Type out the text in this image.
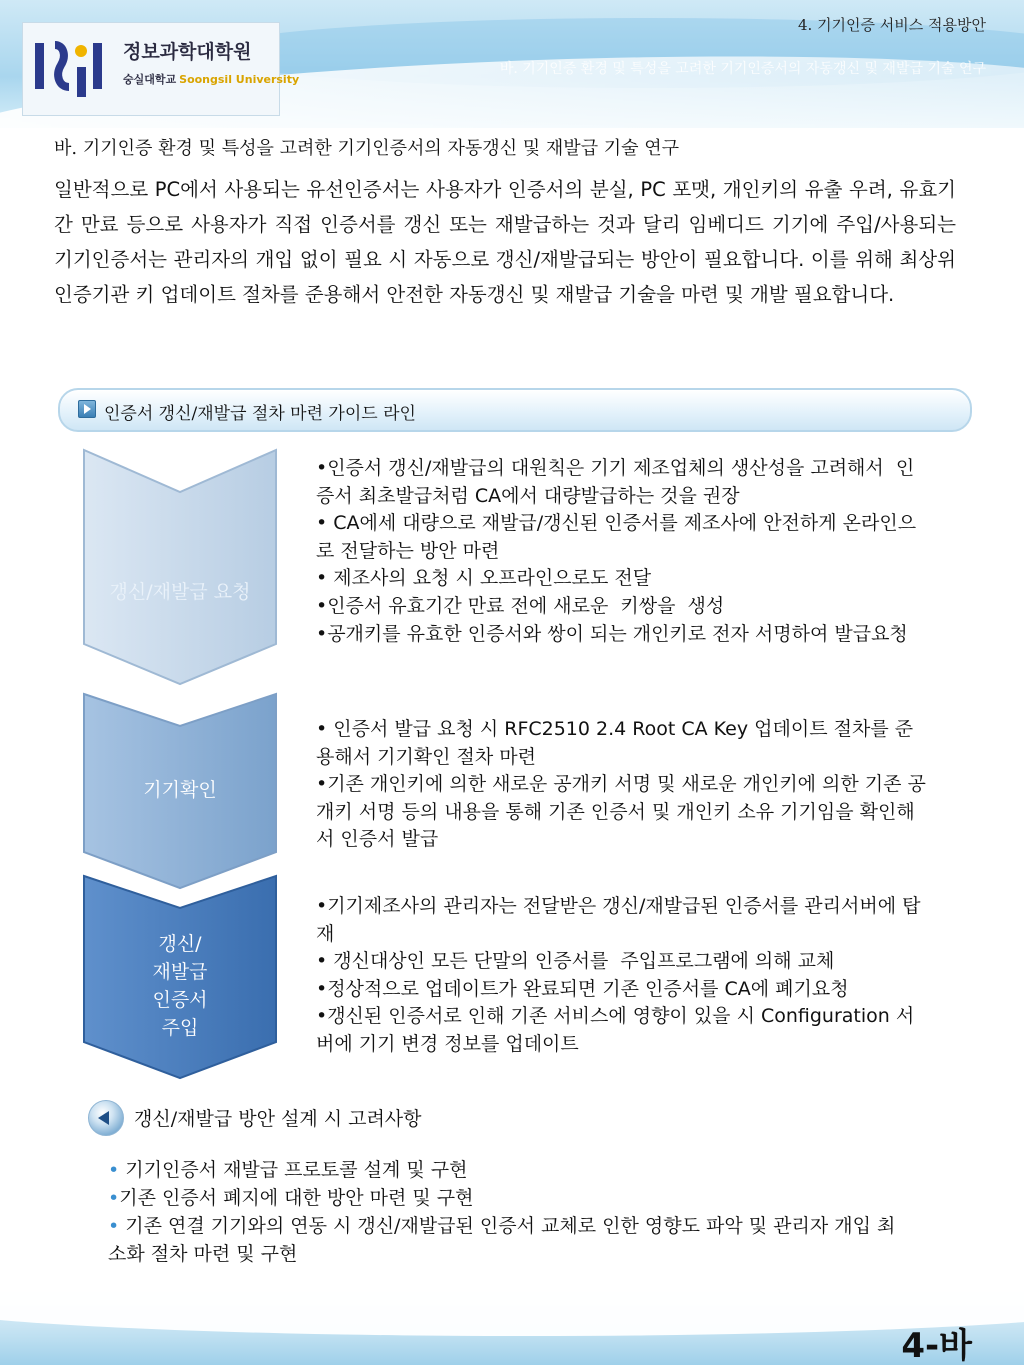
정보과학대학원
숭실대학교 Soongsil University
4. 기기인증 서비스 적용방안
바. 기기인증 환경 및 특성을 고려한 기기인증서의 자동갱신 및 재발급 기술 연구
바. 기기인증 환경 및 특성을 고려한 기기인증서의 자동갱신 및 재발급 기술 연구
일반적으로 PC에서 사용되는 유선인증서는 사용자가 인증서의 분실, PC 포맷, 개인키의 유출 우려, 유효기간 만료 등으로 사용자가 직접 인증서를 갱신 또는 재발급하는 것과 달리 임베디드 기기에 주입/사용되는 기기인증서는 관리자의 개입 없이 필요 시 자동으로 갱신/재발급되는 방안이 필요합니다. 이를 위해 최상위 인증기관 키 업데이트 절차를 준용해서 안전한 자동갱신 및 재발급 기술을 마련 및 개발 필요합니다.
인증서 갱신/재발급 절차 마련 가이드 라인
갱신/재발급 요청
기기확인
갱신/
재발급
인증서
주입
•인증서 갱신/재발급의 대원칙은 기기 제조업체의 생산성을 고려해서  인증서 최초발급처럼 CA에서 대량발급하는 것을 권장
• CA에세 대량으로 재발급/갱신된 인증서를 제조사에 안전하게 온라인으로 전달하는 방안 마련
• 제조사의 요청 시 오프라인으로도 전달
•인증서 유효기간 만료 전에 새로운  키쌍을  생성
•공개키를 유효한 인증서와 쌍이 되는 개인키로 전자 서명하여 발급요청
• 인증서 발급 요청 시 RFC2510 2.4 Root CA Key 업데이트 절차를 준용해서 기기확인 절차 마련
•기존 개인키에 의한 새로운 공개키 서명 및 새로운 개인키에 의한 기존 공개키 서명 등의 내용을 통해 기존 인증서 및 개인키 소유 기기임을 확인해서 인증서 발급
•기기제조사의 관리자는 전달받은 갱신/재발급된 인증서를 관리서버에 탑재
• 갱신대상인 모든 단말의 인증서를  주입프로그램에 의해 교체
•정상적으로 업데이트가 완료되면 기존 인증서를 CA에 폐기요청
•갱신된 인증서로 인해 기존 서비스에 영향이 있을 시 Configuration 서버에 기기 변경 정보를 업데이트
갱신/재발급 방안 설계 시 고려사항
• 기기인증서 재발급 프로토콜 설계 및 구현
•기존 인증서 폐지에 대한 방안 마련 및 구현
• 기존 연결 기기와의 연동 시 갱신/재발급된 인증서 교체로 인한 영향도 파악 및 관리자 개입 최소화 절차 마련 및 구현
4-바
